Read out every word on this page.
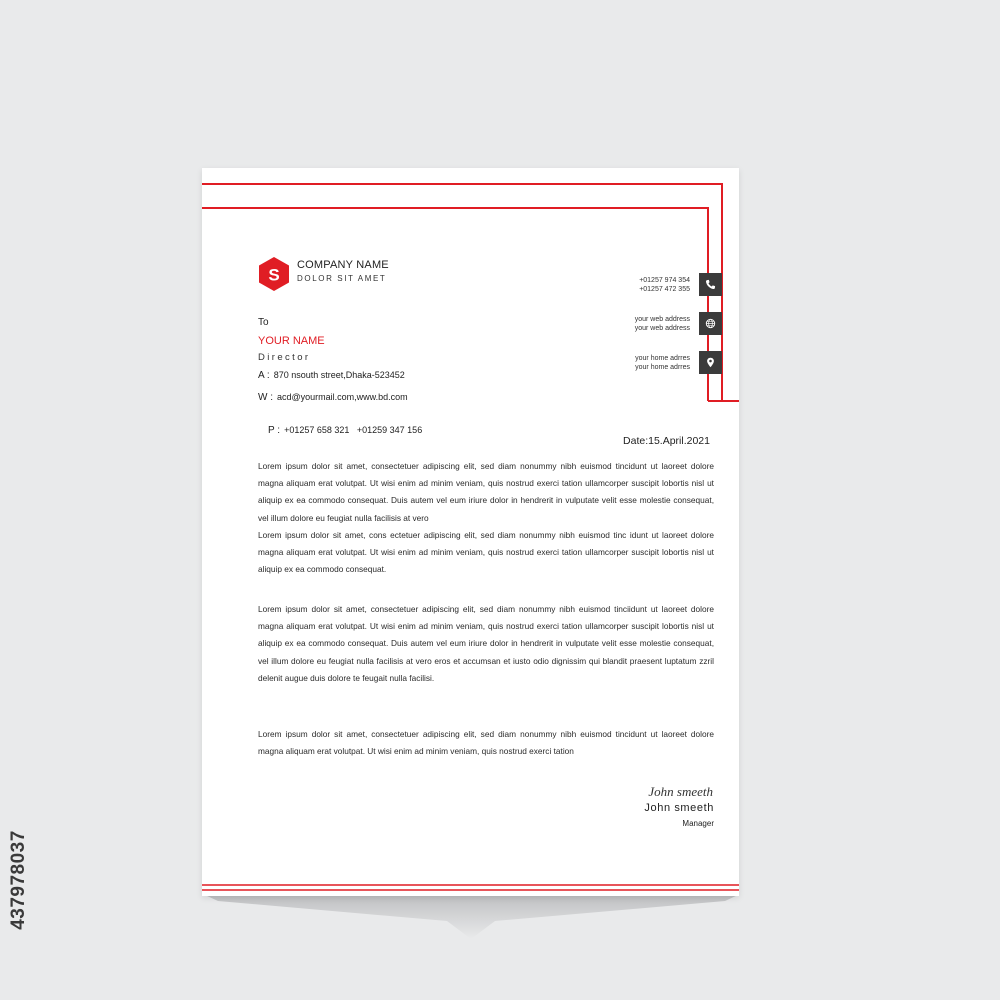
437978037
S
COMPANY NAME
DOLOR SIT AMET	+01257 974 354
+01257 472 355
your web address
your web address
your home adrres
your home adrres
To
YOUR NAME
Director
A : 870 nsouth street,Dhaka-523452
W : acd@yourmail.com,www.bd.com

P : +01257 658 321   +01259 347 156

Date:15.April.2021

Lorem ipsum dolor sit amet, consectetuer adipiscing elit, sed diam nonummy nibh euismod tincidunt ut laoreet dolore magna aliquam erat volutpat. Ut wisi enim ad minim veniam, quis nostrud exerci tation ullamcorper suscipit lobortis nisl ut aliquip ex ea commodo consequat. Duis autem vel eum iriure dolor in hendrerit in vulputate velit esse molestie consequat, vel illum dolore eu feugiat nulla facilisis at vero
Lorem ipsum dolor sit amet, cons ectetuer adipiscing elit, sed diam nonummy nibh euismod tinc idunt ut laoreet dolore magna aliquam erat volutpat. Ut wisi enim ad minim veniam, quis nostrud exerci tation ullamcorper suscipit lobortis nisl ut aliquip ex ea commodo consequat.

Lorem ipsum dolor sit amet, consectetuer adipiscing elit, sed diam nonummy nibh euismod tinciidunt ut laoreet dolore magna aliquam erat volutpat. Ut wisi enim ad minim veniam, quis nostrud exerci tation ullamcorper suscipit lobortis nisl ut aliquip ex ea commodo consequat. Duis autem vel eum iriure dolor in hendrerit in vulputate velit esse molestie consequat, vel illum dolore eu feugiat nulla facilisis at vero eros et accumsan et iusto odio dignissim qui blandit praesent luptatum zzril delenit augue duis dolore te feugait nulla facilisi.

Lorem ipsum dolor sit amet, consectetuer adipiscing elit, sed diam nonummy nibh euismod tincidunt ut laoreet dolore magna aliquam erat volutpat. Ut wisi enim ad minim veniam, quis nostrud exerci tation

John smeeth
John smeeth
Manager
